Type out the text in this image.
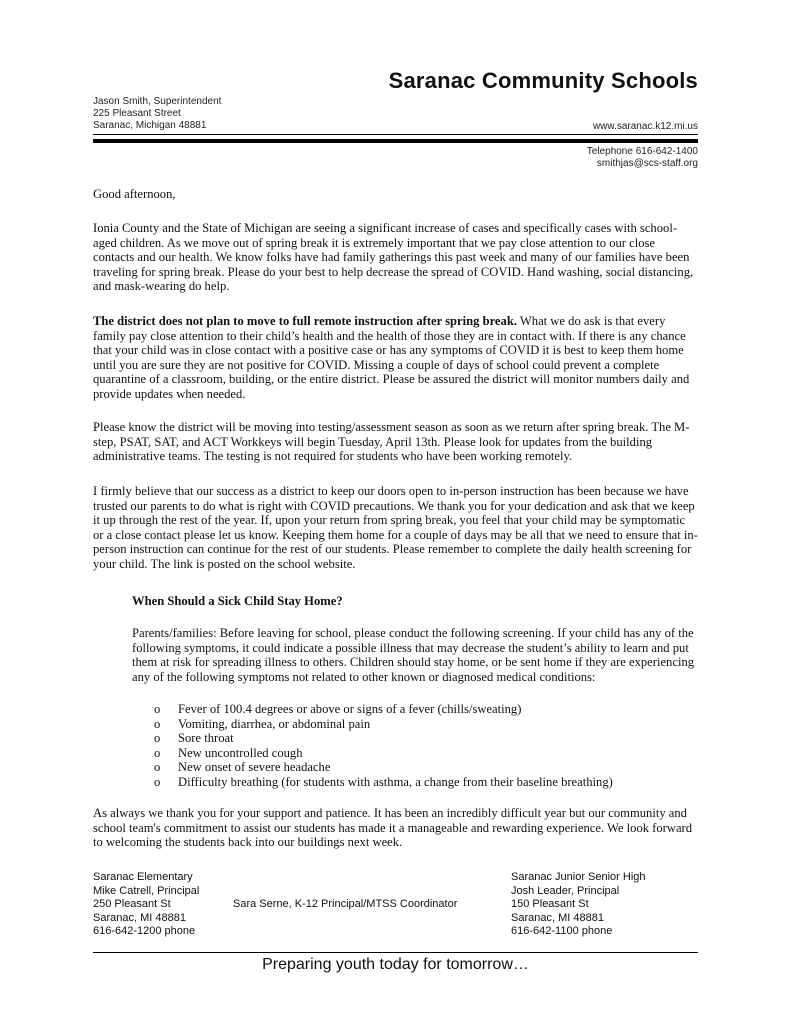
Saranac Community Schools
Jason Smith, Superintendent
225 Pleasant Street
Saranac, Michigan 48881	www.saranac.k12.mi.us
Telephone 616-642-1400
smithjas@scs-staff.org
Good afternoon,

Ionia County and the State of Michigan are seeing a significant increase of cases and specifically cases with school-aged children. As we move out of spring break it is extremely important that we pay close attention to our close contacts and our health. We know folks have had family gatherings this past week and many of our families have been traveling for spring break. Please do your best to help decrease the spread of COVID. Hand washing, social distancing, and mask-wearing do help.

The district does not plan to move to full remote instruction after spring break. What we do ask is that every family pay close attention to their child’s health and the health of those they are in contact with. If there is any chance that your child was in close contact with a positive case or has any symptoms of COVID it is best to keep them home until you are sure they are not positive for COVID. Missing a couple of days of school could prevent a complete quarantine of a classroom, building, or the entire district. Please be assured the district will monitor numbers daily and provide updates when needed.

Please know the district will be moving into testing/assessment season as soon as we return after spring break. The M-step, PSAT, SAT, and ACT Workkeys will begin Tuesday, April 13th. Please look for updates from the building administrative teams. The testing is not required for students who have been working remotely.

I firmly believe that our success as a district to keep our doors open to in-person instruction has been because we have trusted our parents to do what is right with COVID precautions. We thank you for your dedication and ask that we keep it up through the rest of the year. If, upon your return from spring break, you feel that your child may be symptomatic or a close contact please let us know. Keeping them home for a couple of days may be all that we need to ensure that in-person instruction can continue for the rest of our students. Please remember to complete the daily health screening for your child. The link is posted on the school website.

When Should a Sick Child Stay Home?

Parents/families: Before leaving for school, please conduct the following screening. If your child has any of the following symptoms, it could indicate a possible illness that may decrease the student’s ability to learn and put them at risk for spreading illness to others. Children should stay home, or be sent home if they are experiencing any of the following symptoms not related to other known or diagnosed medical conditions:

o Fever of 100.4 degrees or above or signs of a fever (chills/sweating)
o Vomiting, diarrhea, or abdominal pain
o Sore throat
o New uncontrolled cough
o New onset of severe headache
o Difficulty breathing (for students with asthma, a change from their baseline breathing)

As always we thank you for your support and patience. It has been an incredibly difficult year but our community and school team's commitment to assist our students has made it a manageable and rewarding experience. We look forward to welcoming the students back into our buildings next week.

Saranac Elementary
Mike Catrell, Principal
250 Pleasant St
Saranac, MI 48881
616-642-1200 phone
Sara Serne, K-12 Principal/MTSS Coordinator
Saranac Junior Senior High
Josh Leader, Principal
150 Pleasant St
Saranac, MI 48881
616-642-1100 phone
Preparing youth today for tomorrow…
